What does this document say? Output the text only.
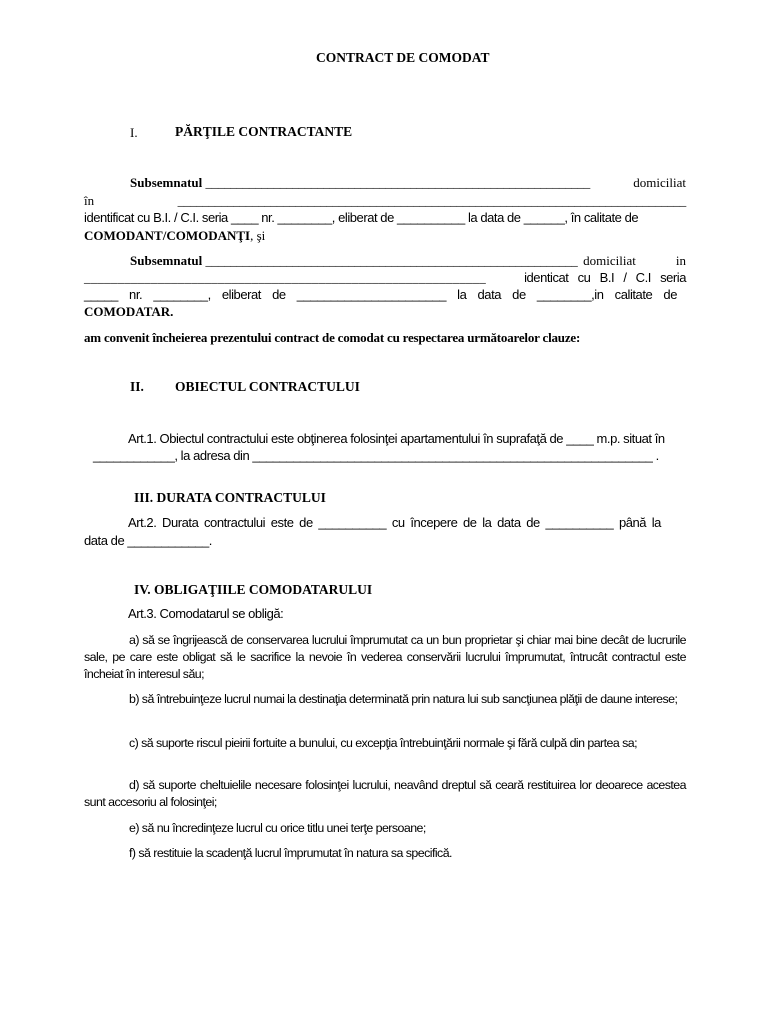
CONTRACT DE COMODAT
I.	PĂRŢILE CONTRACTANTE
Subsemnatul ______________________________________________________________	domiciliat
în	__________________________________________________________________________________
identificat cu B.I. / C.I. seria ____ nr. ________, eliberat de __________ la data de ______, în calitate de
COMODANT/COMODANŢI, şi
Subsemnatul ____________________________________________________________ domiciliat	in
____________________________________________________________	identicat cu B.I / C.I seria
_____ nr. ________, eliberat de ______________________ la data de ________,in calitate de
COMODATAR.
am convenit încheierea prezentului contract de comodat cu respectarea următoarelor clauze:
II. OBIECTUL CONTRACTULUI
Art.1. Obiectul contractului este obţinerea folosinţei apartamentului în suprafaţă de ____ m.p. situat în
____________, la adresa din ___________________________________________________________ .
III. DURATA CONTRACTULUI
Art.2. Durata contractului este de __________ cu începere de la data de __________ până la
data de ____________.
IV. OBLIGAŢIILE COMODATARULUI
Art.3. Comodatarul se obligă:
a) să se îngrijească de conservarea lucrului împrumutat ca un bun proprietar şi chiar mai bine decât de lucrurile sale, pe care este obligat să le sacrifice la nevoie în vederea conservării lucrului împrumutat, întrucât contractul este încheiat în interesul său;
b) să întrebuinţeze lucrul numai la destinaţia determinată prin natura lui sub sancţiunea plăţii de daune interese;
c) să suporte riscul pieirii fortuite a bunului, cu excepţia întrebuinţării normale şi fără culpă din partea sa;
d) să suporte cheltuielile necesare folosinţei lucrului, neavând dreptul să ceară restituirea lor deoarece acestea sunt accesoriu al folosinţei;
e) să nu încredinţeze lucrul cu orice titlu unei terţe persoane;
f) să restituie la scadenţă lucrul împrumutat în natura sa specifică.
